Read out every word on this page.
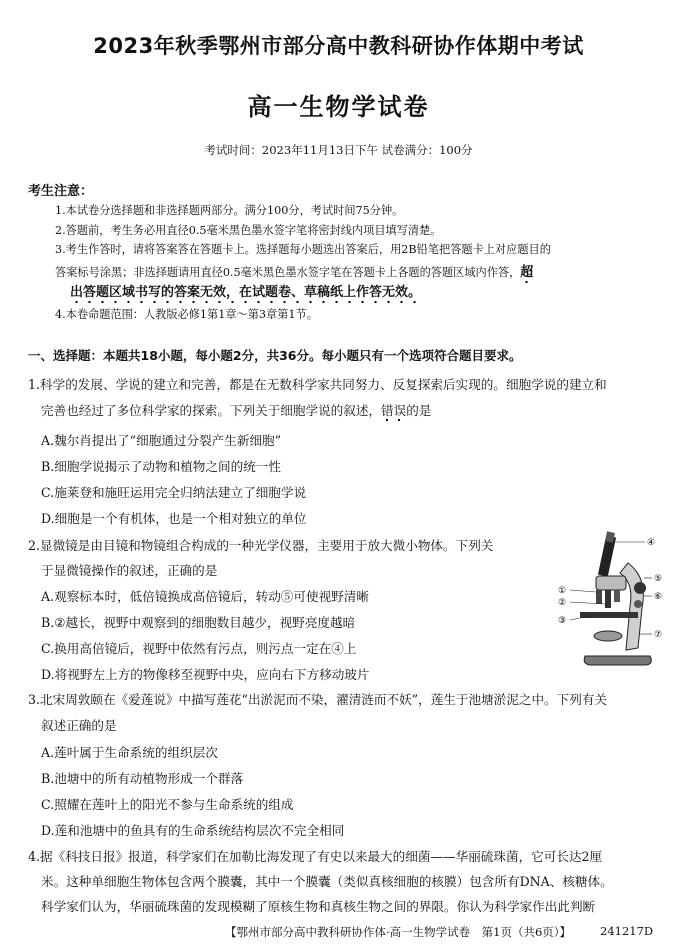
2023年秋季鄂州市部分高中教科研协作体期中考试
高一生物学试卷
考试时间：2023年11月13日下午 试卷满分：100分
考生注意：
1.本试卷分选择题和非选择题两部分。满分100分，考试时间75分钟。
2.答题前，考生务必用直径0.5毫米黑色墨水签字笔将密封线内项目填写清楚。
3.考生作答时，请将答案答在答题卡上。选择题每小题选出答案后，用2B铅笔把答题卡上对应题目的
答案标号涂黑；非选择题请用直径0.5毫米黑色墨水签字笔在答题卡上各题的答题区域内作答，超
出答题区域书写的答案无效，在试题卷、草稿纸上作答无效。
4.本卷命题范围：人教版必修1第1章～第3章第1节。
一、选择题：本题共18小题，每小题2分，共36分。每小题只有一个选项符合题目要求。
1.科学的发展、学说的建立和完善，都是在无数科学家共同努力、反复探索后实现的。细胞学说的建立和
完善也经过了多位科学家的探索。下列关于细胞学说的叙述，错误
的是
A.魏尔肖提出了“细胞通过分裂产生新细胞”
B.细胞学说揭示了动物和植物之间的统一性
C.施莱登和施旺运用完全归纳法建立了细胞学说
D.细胞是一个有机体，也是一个相对独立的单位
2.显微镜是由目镜和物镜组合构成的一种光学仪器，主要用于放大微小物体。下列关
于显微镜操作的叙述，正确的是
A.观察标本时，低倍镜换成高倍镜后，转动⑤可使视野清晰
B.②越长，视野中观察到的细胞数目越少，视野亮度越暗
C.换用高倍镜后，视野中依然有污点，则污点一定在④上
D.将视野左上方的物像移至视野中央，应向右下方移动玻片
①
②
③
④
⑤
⑥
⑦
3.北宋周敦颐在《爱莲说》中描写莲花“出淤泥而不染，濯清涟而不妖”，莲生于池塘淤泥之中。下列有关
叙述正确的是
A.莲叶属于生命系统的组织层次
B.池塘中的所有动植物形成一个群落
C.照耀在莲叶上的阳光不参与生命系统的组成
D.莲和池塘中的鱼具有的生命系统结构层次不完全相同
4.据《科技日报》报道，科学家们在加勒比海发现了有史以来最大的细菌——华丽硫珠菌，它可长达2厘
米。这种单细胞生物体包含两个膜囊，其中一个膜囊（类似真核细胞的核膜）包含所有DNA、核糖体。
科学家们认为，华丽硫珠菌的发现模糊了原核生物和真核生物之间的界限。你认为科学家作出此判断
【鄂州市部分高中教科研协作体·高一生物学试卷　第1页（共6页）】	241217D
